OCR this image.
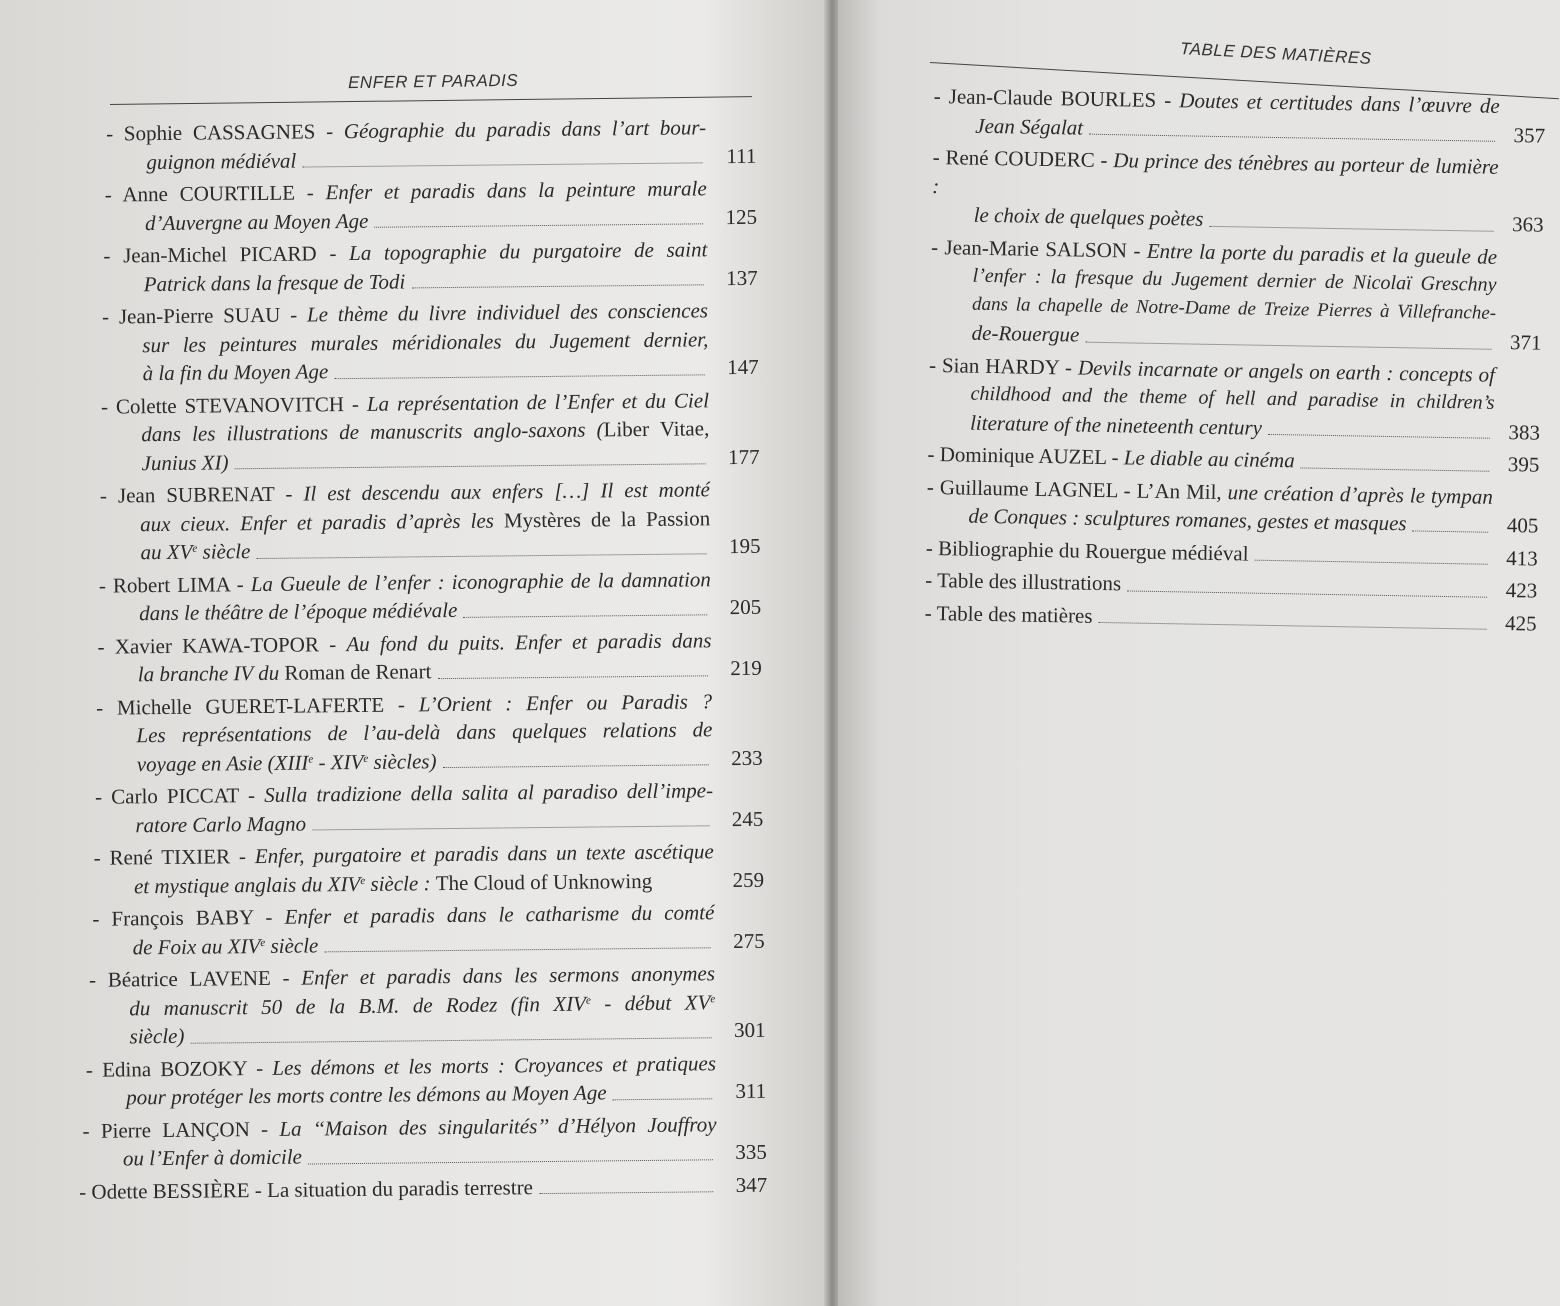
ENFER ET PARADIS
- Sophie CASSAGNES - Géographie du paradis dans l’art bour-
guignon médiéval	111
- Anne COURTILLE - Enfer et paradis dans la peinture murale
d’Auvergne au Moyen Age	125
- Jean-Michel PICARD - La topographie du purgatoire de saint
Patrick dans la fresque de Todi	137
- Jean-Pierre SUAU - Le thème du livre individuel des consciences
sur les peintures murales méridionales du Jugement dernier,
à la fin du Moyen Age	147
- Colette STEVANOVITCH - La représentation de l’Enfer et du Ciel
dans les illustrations de manuscrits anglo-saxons (Liber Vitae,
Junius XI)	177
- Jean SUBRENAT - Il est descendu aux enfers […] Il est monté
aux cieux. Enfer et paradis d’après les Mystères de la Passion
au XVe siècle	195
- Robert LIMA - La Gueule de l’enfer : iconographie de la damnation
dans le théâtre de l’époque médiévale	205
- Xavier KAWA-TOPOR - Au fond du puits. Enfer et paradis dans
la branche IV du Roman de Renart	219
- Michelle GUERET-LAFERTE - L’Orient : Enfer ou Paradis ?
Les représentations de l’au-delà dans quelques relations de
voyage en Asie (XIIIe - XIVe siècles)	233
- Carlo PICCAT - Sulla tradizione della salita al paradiso dell’impe-
ratore Carlo Magno	245
- René TIXIER - Enfer, purgatoire et paradis dans un texte ascétique
et mystique anglais du XIVe siècle : The Cloud of Unknowing	259
- François BABY - Enfer et paradis dans le catharisme du comté
de Foix au XIVe siècle	275
- Béatrice LAVENE - Enfer et paradis dans les sermons anonymes
du manuscrit 50 de la B.M. de Rodez (fin XIVe - début XVe
siècle)	301
- Edina BOZOKY - Les démons et les morts : Croyances et pratiques
pour protéger les morts contre les démons au Moyen Age	311
- Pierre LANÇON - La ‘‘Maison des singularités’’ d’Hélyon Jouffroy
ou l’Enfer à domicile	335
- Odette BESSIÈRE - La situation du paradis terrestre	347
TABLE DES MATIÈRES
- Jean-Claude BOURLES - Doutes et certitudes dans l’œuvre de
Jean Ségalat	357
- René COUDERC - Du prince des ténèbres au porteur de lumière :
le choix de quelques poètes	363
- Jean-Marie SALSON - Entre la porte du paradis et la gueule de
l’enfer : la fresque du Jugement dernier de Nicolaï Greschny
dans la chapelle de Notre-Dame de Treize Pierres à Villefranche-
de-Rouergue	371
- Sian HARDY - Devils incarnate or angels on earth : concepts of
childhood and the theme of hell and paradise in children’s
literature of the nineteenth century	383
- Dominique AUZEL - Le diable au cinéma	395
- Guillaume LAGNEL - L’An Mil, une création d’après le tympan
de Conques : sculptures romanes, gestes et masques	405
- Bibliographie du Rouergue médiéval	413
- Table des illustrations	423
- Table des matières	425
